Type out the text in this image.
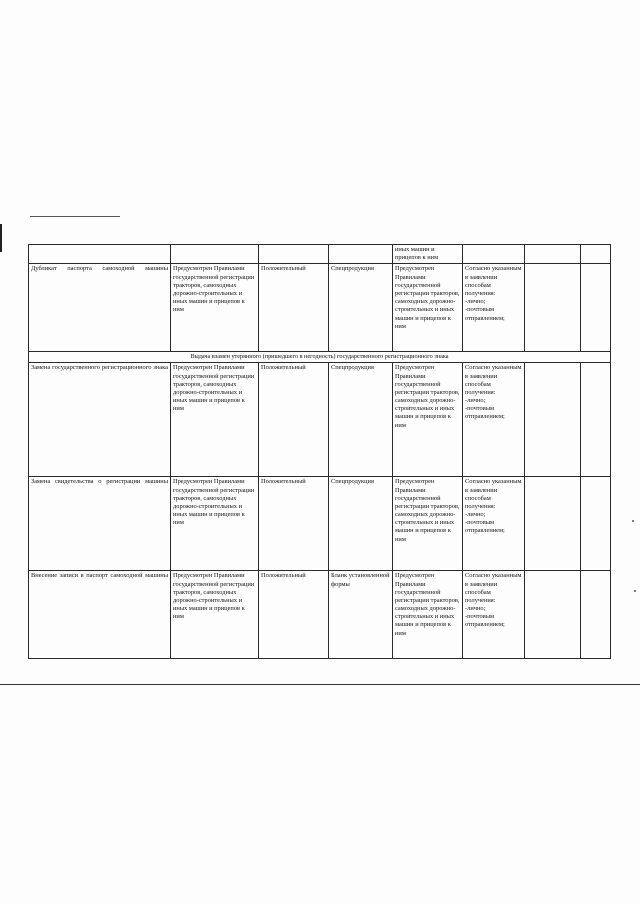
				иных машин и
прицепов к ним			

Дубликат паспорта самоходной машины	Предусмотрен Правилами государственной регистрации тракторов, самоходных дорожно-строительных и иных машин и прицепов к ним	Положительный	Спецпродукция	Предусмотрен Правилами государственной регистрации тракторов, самоходных дорожно-строительных и иных машин и прицепов к ним	Согласно указанным в заявлении способам получения:
-лично;
-почтовым отправлением;		

Выдача взамен утерянного (пришедшего в негодность) государственного регистрационного знака							

Замена государственного регистрационного знака	Предусмотрен Правилами государственной регистрации тракторов, самоходных дорожно-строительных и иных машин и прицепов к ним	Положительный	Спецпродукция	Предусмотрен Правилами государственной регистрации тракторов, самоходных дорожно-строительных и иных машин и прицепов к ним	Согласно указанным в заявлении способам получения:
-лично;
-почтовым отправлением;		

Замена свидетельства о регистрации машины	Предусмотрен Правилами государственной регистрации тракторов, самоходных дорожно-строительных и иных машин и прицепов к ним	Положительный	Спецпродукция	Предусмотрен Правилами государственной регистрации тракторов, самоходных дорожно-строительных и иных машин и прицепов к ним	Согласно указанным в заявлении способам получения:
-лично;
-почтовым отправлением;		

Внесение записи в паспорт самоходной машины	Предусмотрен Правилами государственной регистрации тракторов, самоходных дорожно-строительных и иных машин и прицепов к ним	Положительный	Бланк установленной формы	Предусмотрен Правилами государственной регистрации тракторов, самоходных дорожно-строительных и иных машин и прицепов к ним	Согласно указанным в заявлении способам получения:
-лично;
-почтовым отправлением;		
